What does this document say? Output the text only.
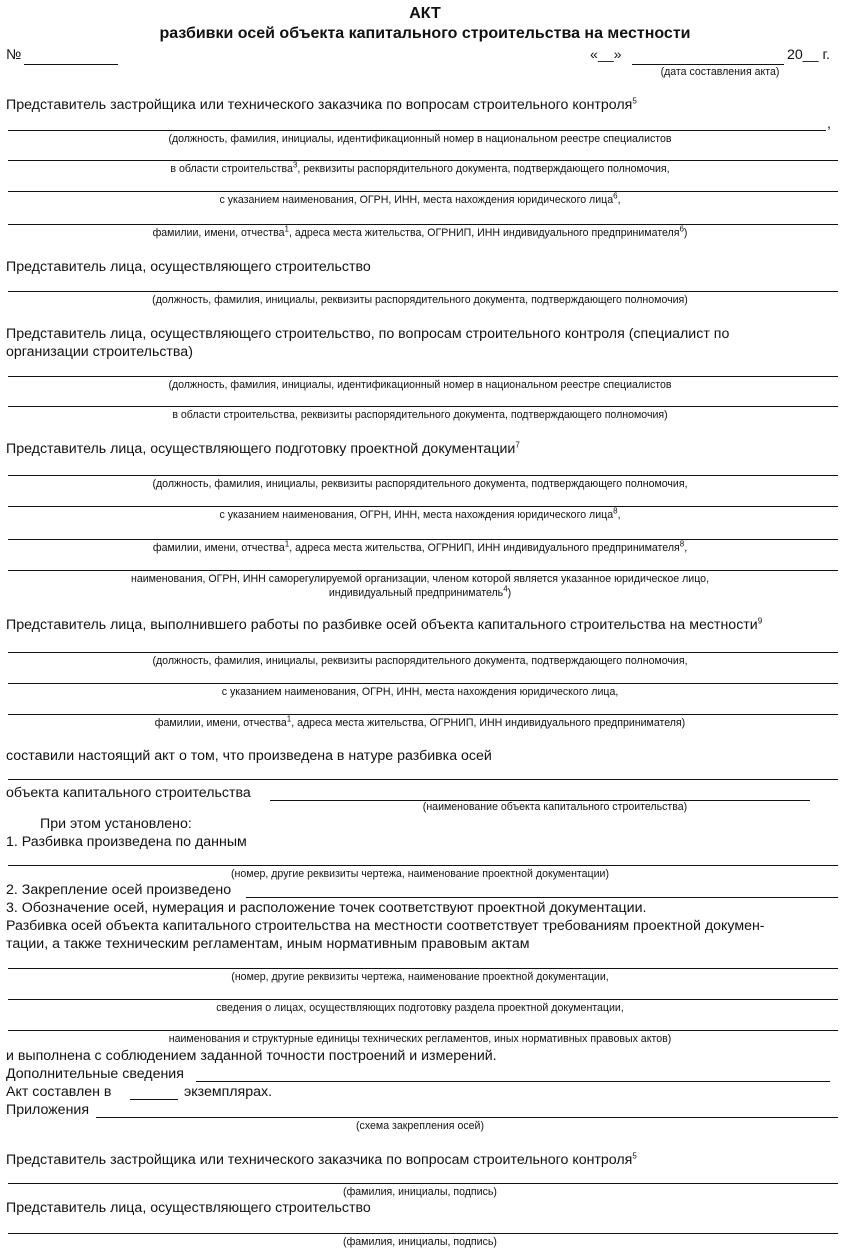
АКТ
разбивки осей объекта капитального строительства на местности
№	«__»	20__ г.
(дата составления акта)
Представитель застройщика или технического заказчика по вопросам строительного контроля$^5$
,
(должность, фамилия, инициалы, идентификационный номер в национальном реестре специалистов
в области строительства$^3$, реквизиты распорядительного документа, подтверждающего полномочия,
с указанием наименования, ОГРН, ИНН, места нахождения юридического лица$^6$,
фамилии, имени, отчества$^1$, адреса места жительства, ОГРНИП, ИНН индивидуального предпринимателя$^6$)
Представитель лица, осуществляющего строительство
(должность, фамилия, инициалы, реквизиты распорядительного документа, подтверждающего полномочия)
Представитель лица, осуществляющего строительство, по вопросам строительного контроля (специалист по
организации строительства)
(должность, фамилия, инициалы, идентификационный номер в национальном реестре специалистов
в области строительства, реквизиты распорядительного документа, подтверждающего полномочия)
Представитель лица, осуществляющего подготовку проектной документации$^7$
(должность, фамилия, инициалы, реквизиты распорядительного документа, подтверждающего полномочия,
с указанием наименования, ОГРН, ИНН, места нахождения юридического лица$^8$,
фамилии, имени, отчества$^1$, адреса места жительства, ОГРНИП, ИНН индивидуального предпринимателя$^8$,
наименования, ОГРН, ИНН саморегулируемой организации, членом которой является указанное юридическое лицо,
индивидуальный предприниматель$^4$)
Представитель лица, выполнившего работы по разбивке осей объекта капитального строительства на местности$^9$
(должность, фамилия, инициалы, реквизиты распорядительного документа, подтверждающего полномочия,
с указанием наименования, ОГРН, ИНН, места нахождения юридического лица,
фамилии, имени, отчества$^1$, адреса места жительства, ОГРНИП, ИНН индивидуального предпринимателя)
составили настоящий акт о том, что произведена в натуре разбивка осей
объекта капитального строительства
(наименование объекта капитального строительства)
При этом установлено:
1. Разбивка произведена по данным
(номер, другие реквизиты чертежа, наименование проектной документации)
2. Закрепление осей произведено
3. Обозначение осей, нумерация и расположение точек соответствуют проектной документации.
Разбивка осей объекта капитального строительства на местности соответствует требованиям проектной докумен-
тации, а также техническим регламентам, иным нормативным правовым актам
(номер, другие реквизиты чертежа, наименование проектной документации,
сведения о лицах, осуществляющих подготовку раздела проектной документации,
наименования и структурные единицы технических регламентов, иных нормативных правовых актов)
и выполнена с соблюдением заданной точности построений и измерений.
Дополнительные сведения
Акт составлен в	экземплярах.
Приложения
(схема закрепления осей)
Представитель застройщика или технического заказчика по вопросам строительного контроля$^5$
(фамилия, инициалы, подпись)
Представитель лица, осуществляющего строительство
(фамилия, инициалы, подпись)
